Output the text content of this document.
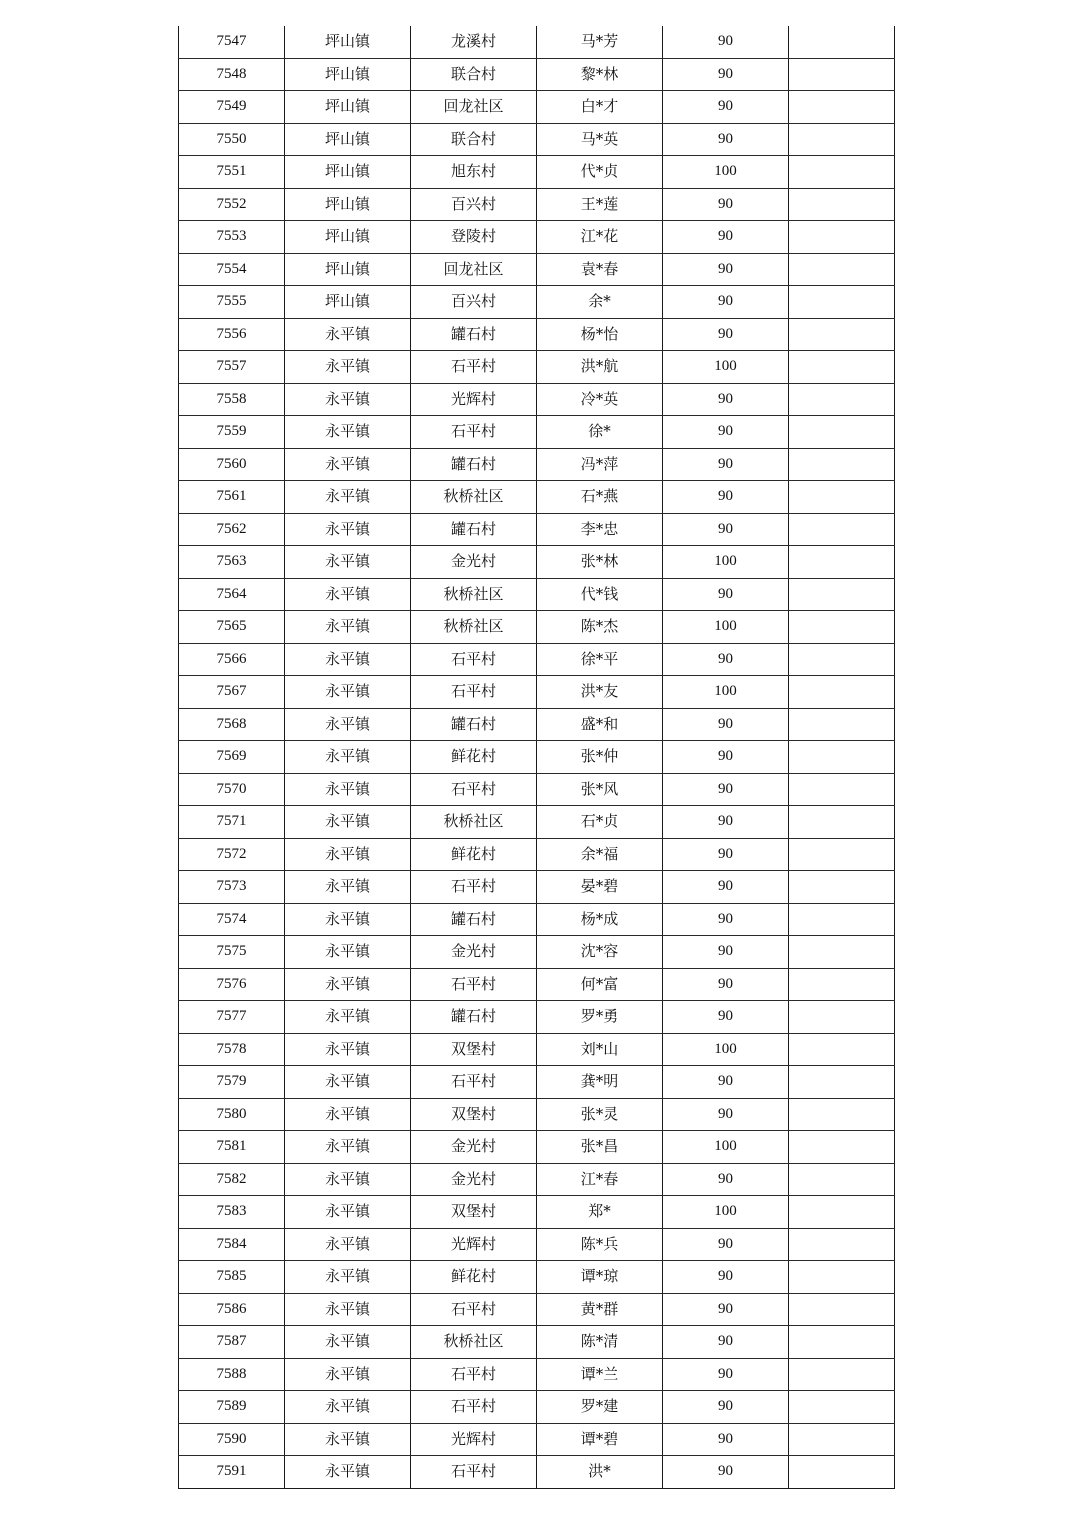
7547	坪山镇	龙溪村	马*芳	90	
7548	坪山镇	联合村	黎*林	90	
7549	坪山镇	回龙社区	白*才	90	
7550	坪山镇	联合村	马*英	90	
7551	坪山镇	旭东村	代*贞	100	
7552	坪山镇	百兴村	王*莲	90	
7553	坪山镇	登陵村	江*花	90	
7554	坪山镇	回龙社区	袁*春	90	
7555	坪山镇	百兴村	余*	90	
7556	永平镇	罐石村	杨*怡	90	
7557	永平镇	石平村	洪*航	100	
7558	永平镇	光辉村	冷*英	90	
7559	永平镇	石平村	徐*	90	
7560	永平镇	罐石村	冯*萍	90	
7561	永平镇	秋桥社区	石*燕	90	
7562	永平镇	罐石村	李*忠	90	
7563	永平镇	金光村	张*林	100	
7564	永平镇	秋桥社区	代*钱	90	
7565	永平镇	秋桥社区	陈*杰	100	
7566	永平镇	石平村	徐*平	90	
7567	永平镇	石平村	洪*友	100	
7568	永平镇	罐石村	盛*和	90	
7569	永平镇	鲜花村	张*仲	90	
7570	永平镇	石平村	张*风	90	
7571	永平镇	秋桥社区	石*贞	90	
7572	永平镇	鲜花村	余*福	90	
7573	永平镇	石平村	晏*碧	90	
7574	永平镇	罐石村	杨*成	90	
7575	永平镇	金光村	沈*容	90	
7576	永平镇	石平村	何*富	90	
7577	永平镇	罐石村	罗*勇	90	
7578	永平镇	双堡村	刘*山	100	
7579	永平镇	石平村	龚*明	90	
7580	永平镇	双堡村	张*灵	90	
7581	永平镇	金光村	张*昌	100	
7582	永平镇	金光村	江*春	90	
7583	永平镇	双堡村	郑*	100	
7584	永平镇	光辉村	陈*兵	90	
7585	永平镇	鲜花村	谭*琼	90	
7586	永平镇	石平村	黄*群	90	
7587	永平镇	秋桥社区	陈*清	90	
7588	永平镇	石平村	谭*兰	90	
7589	永平镇	石平村	罗*建	90	
7590	永平镇	光辉村	谭*碧	90	
7591	永平镇	石平村	洪*	90	
